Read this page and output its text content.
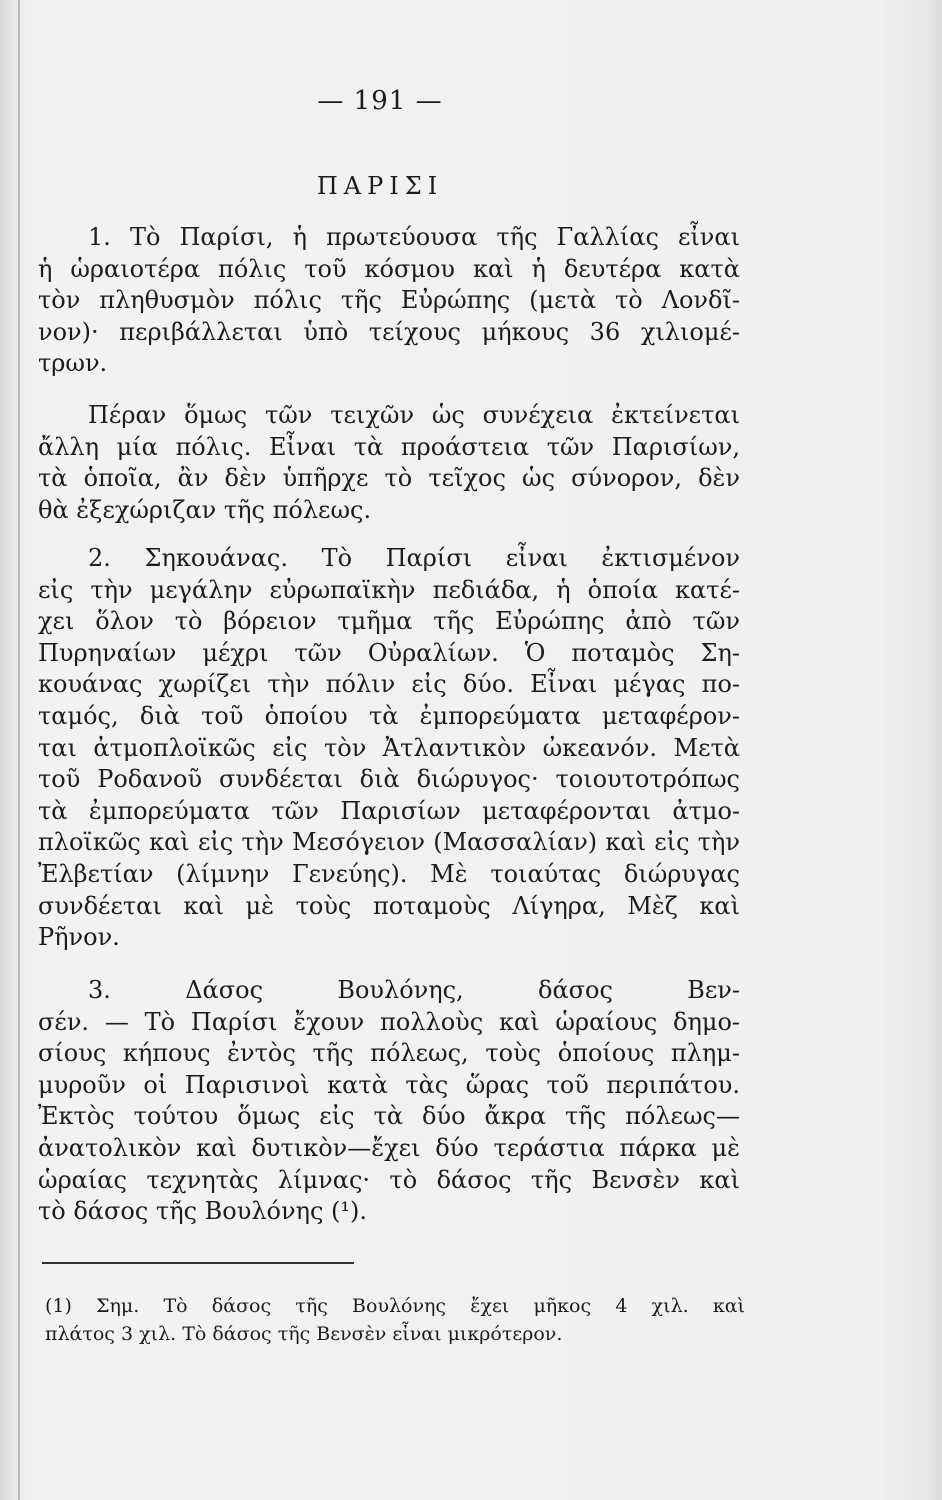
— 191 —
ΠΑΡΙΣΙ
1. Τὸ Παρίσι, ἡ πρωτεύουσα τῆς Γαλλίας εἶναι
ἡ ὡραιοτέρα πόλις τοῦ κόσμου καὶ ἡ δευτέρα κατὰ
τὸν πληθυσμὸν πόλις τῆς Εὐρώπης (μετὰ τὸ Λονδῖ-
νον)· περιβάλλεται ὑπὸ τείχους μήκους 36 χιλιομέ-
τρων.
Πέραν ὅμως τῶν τειχῶν ὡς συνέχεια ἐκτείνεται
ἄλλη μία πόλις. Εἶναι τὰ προάστεια τῶν Παρισίων,
τὰ ὁποῖα, ἂν δὲν ὑπῆρχε τὸ τεῖχος ὡς σύνορον, δὲν
θὰ ἐξεχώριζαν τῆς πόλεως.
2. Σηκουάνας. Τὸ Παρίσι εἶναι ἐκτισμένον
εἰς τὴν μεγάλην εὐρωπαϊκὴν πεδιάδα, ἡ ὁποία κατέ-
χει ὅλον τὸ βόρειον τμῆμα τῆς Εὐρώπης ἀπὸ τῶν
Πυρηναίων μέχρι τῶν Οὐραλίων. Ὁ ποταμὸς Ση-
κουάνας χωρίζει τὴν πόλιν εἰς δύο. Εἶναι μέγας πο-
ταμός, διὰ τοῦ ὁποίου τὰ ἐμπορεύματα μεταφέρον-
ται ἀτμοπλοϊκῶς εἰς τὸν Ἀτλαντικὸν ὠκεανόν. Μετὰ
τοῦ Ροδανοῦ συνδέεται διὰ διώρυγος· τοιουτοτρόπως
τὰ ἐμπορεύματα τῶν Παρισίων μεταφέρονται ἀτμο-
πλοϊκῶς καὶ εἰς τὴν Μεσόγειον (Μασσαλίαν) καὶ εἰς τὴν
Ἐλβετίαν (λίμνην Γενεύης). Μὲ τοιαύτας διώρυγας
συνδέεται καὶ μὲ τοὺς ποταμοὺς Λίγηρα, Μὲζ καὶ
Ρῆνον.
3. Δάσος Βουλόνης, δάσος Βεν-
σέν. — Τὸ Παρίσι ἔχουν πολλοὺς καὶ ὡραίους δημο-
σίους κήπους ἐντὸς τῆς πόλεως, τοὺς ὁποίους πλημ-
μυροῦν οἱ Παρισινοὶ κατὰ τὰς ὥρας τοῦ περιπάτου.
Ἐκτὸς τούτου ὅμως εἰς τὰ δύο ἄκρα τῆς πόλεως—
ἀνατολικὸν καὶ δυτικὸν—ἔχει δύο τεράστια πάρκα μὲ
ὡραίας τεχνητὰς λίμνας· τὸ δάσος τῆς Βενσὲν καὶ
τὸ δάσος τῆς Βουλόνης (¹).
(1) Σημ. Τὸ δάσος τῆς Βουλόνης ἔχει μῆκος 4 χιλ. καὶ
πλάτος 3 χιλ. Τὸ δάσος τῆς Βενσὲν εἶναι μικρότερον.
